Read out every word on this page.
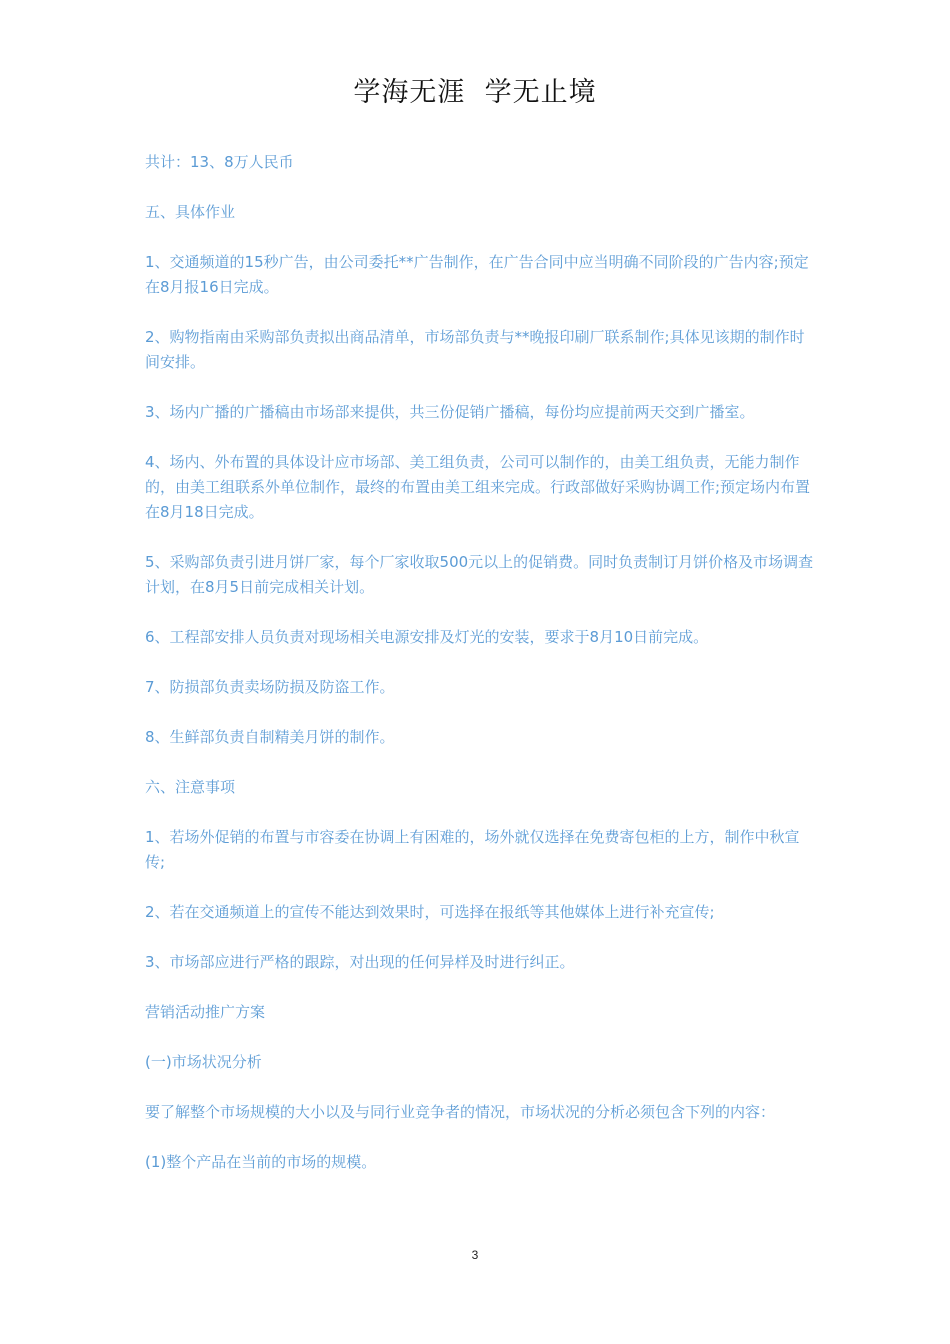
学海无涯  学无止境

共计：13、8万人民币

五、具体作业

1、交通频道的15秒广告，由公司委托**广告制作，在广告合同中应当明确不同阶段的广告内容;预定在8月报16日完成。

2、购物指南由采购部负责拟出商品清单，市场部负责与**晚报印刷厂联系制作;具体见该期的制作时间安排。

3、场内广播的广播稿由市场部来提供，共三份促销广播稿，每份均应提前两天交到广播室。

4、场内、外布置的具体设计应市场部、美工组负责，公司可以制作的，由美工组负责，无能力制作的，由美工组联系外单位制作，最终的布置由美工组来完成。行政部做好采购协调工作;预定场内布置在8月18日完成。

5、采购部负责引进月饼厂家，每个厂家收取500元以上的促销费。同时负责制订月饼价格及市场调查计划，在8月5日前完成相关计划。

6、工程部安排人员负责对现场相关电源安排及灯光的安装，要求于8月10日前完成。

7、防损部负责卖场防损及防盗工作。

8、生鲜部负责自制精美月饼的制作。

六、注意事项

1、若场外促销的布置与市容委在协调上有困难的，场外就仅选择在免费寄包柜的上方，制作中秋宣传;

2、若在交通频道上的宣传不能达到效果时，可选择在报纸等其他媒体上进行补充宣传;

3、市场部应进行严格的跟踪，对出现的任何异样及时进行纠正。

营销活动推广方案

(一)市场状况分析

要了解整个市场规模的大小以及与同行业竞争者的情况，市场状况的分析必须包含下列的内容：

(1)整个产品在当前的市场的规模。

3
